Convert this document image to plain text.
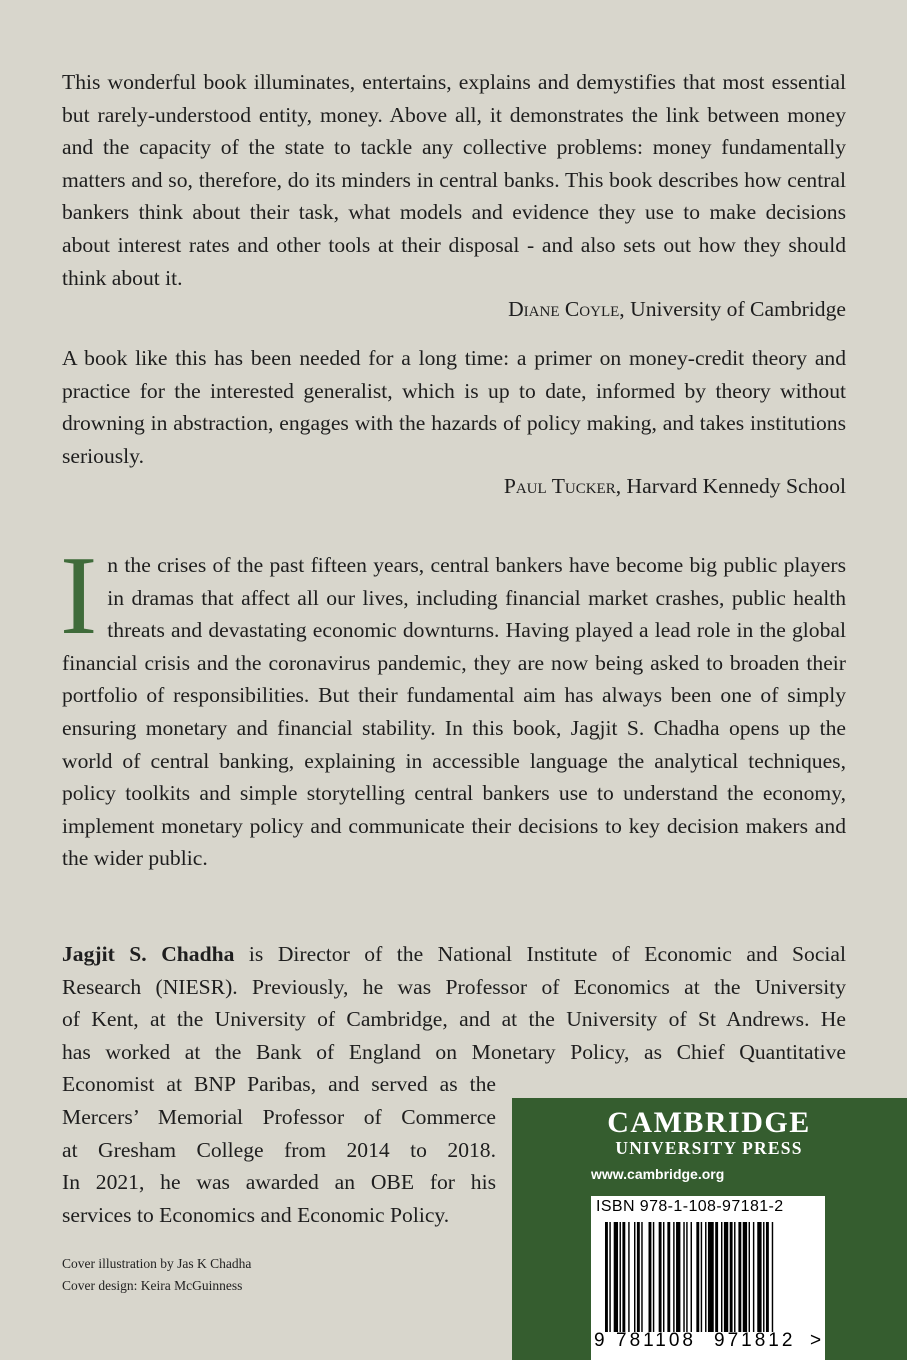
This wonderful book illuminates, entertains, explains and demystifies that most essential but rarely-understood entity, money. Above all, it demonstrates the link between money and the capacity of the state to tackle any collective problems: money fundamentally matters and so, therefore, do its minders in central banks. This book describes how central bankers think about their task, what models and evidence they use to make decisions about interest rates and other tools at their disposal - and also sets out how they should think about it.

Diane Coyle, University of Cambridge

A book like this has been needed for a long time: a primer on money-credit theory and practice for the interested generalist, which is up to date, informed by theory without drowning in abstraction, engages with the hazards of policy making, and takes institutions seriously.

Paul Tucker, Harvard Kennedy School

In the crises of the past fifteen years, central bankers have become big public players in dramas that affect all our lives, including financial market crashes, public health threats and devastating economic downturns. Having played a lead role in the global financial crisis and the coronavirus pandemic, they are now being asked to broaden their portfolio of responsibilities. But their fundamental aim has always been one of simply ensuring monetary and financial stability. In this book, Jagjit S. Chadha opens up the world of central banking, explaining in accessible language the analytical techniques, policy toolkits and simple storytelling central bankers use to understand the economy, implement monetary policy and communicate their decisions to key decision makers and the wider public.

Jagjit S. Chadha is Director of the National Institute of Economic and Social
Research (NIESR). Previously, he was Professor of Economics at the University
of Kent, at the University of Cambridge, and at the University of St Andrews. He
has worked at the Bank of England on Monetary Policy, as Chief Quantitative
Economist at BNP Paribas, and served as the
Mercers’ Memorial Professor of Commerce
at Gresham College from 2014 to 2018.
In 2021, he was awarded an OBE for his
services to Economics and Economic Policy.
Cover illustration by Jas K Chadha
Cover design: Keira McGuinness
CAMBRIDGE
UNIVERSITY PRESS
www.cambridge.org
ISBN 978-1-108-97181-2
9 781108 971812 >
